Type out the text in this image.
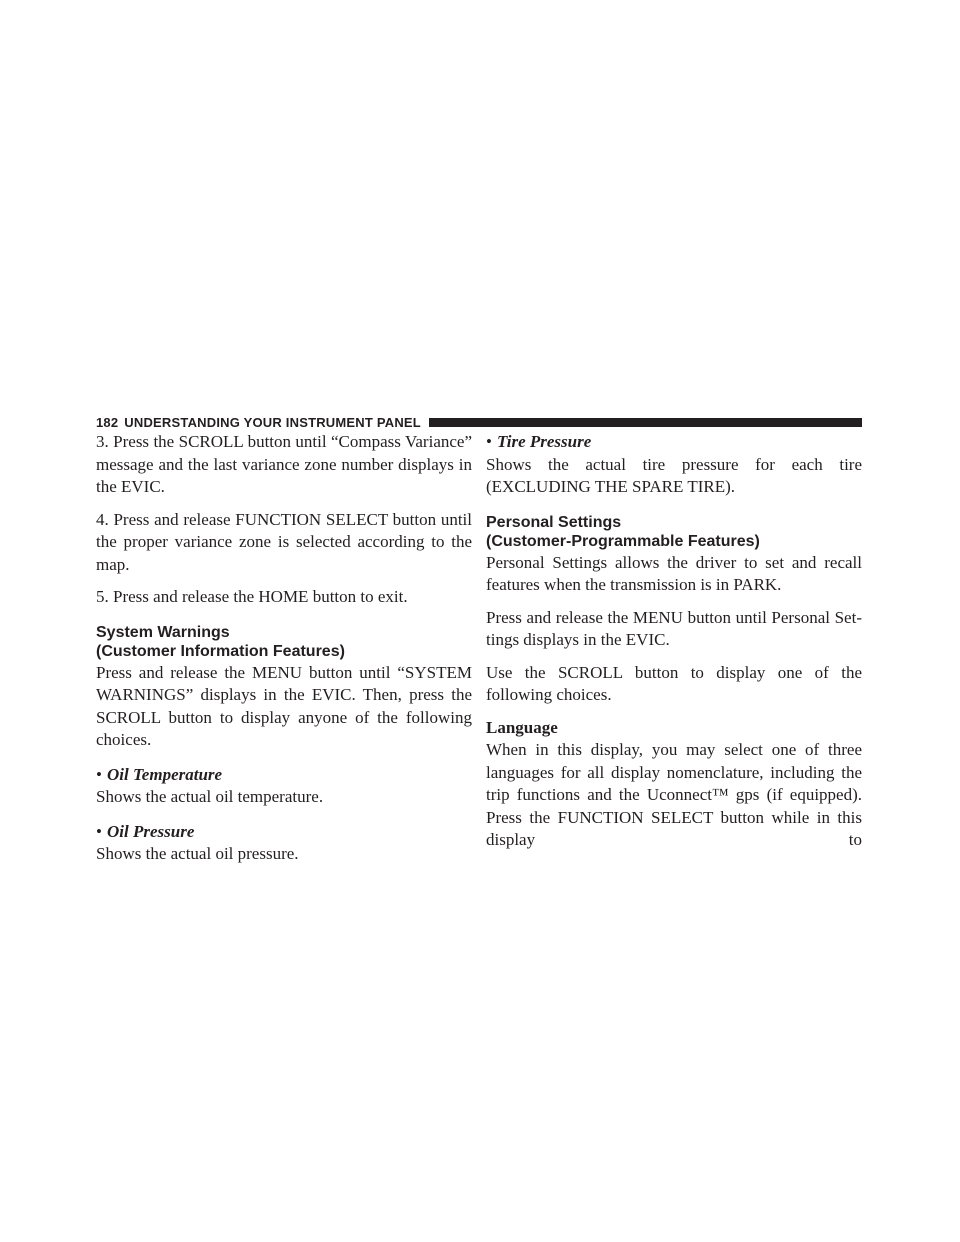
182 UNDERSTANDING YOUR INSTRUMENT PANEL

3. Press the SCROLL button until “Compass Variance” message and the last variance zone number displays in the EVIC.

4. Press and release FUNCTION SELECT button until the proper variance zone is selected according to the map.

5. Press and release the HOME button to exit.

System Warnings
(Customer Information Features)

Press and release the MENU button until “SYSTEM WARNINGS” displays in the EVIC. Then, press the SCROLL button to display anyone of the following choices.

• Oil Temperature

Shows the actual oil temperature.

• Oil Pressure

Shows the actual oil pressure.

• Tire Pressure

Shows the actual tire pressure for each tire (EXCLUDING THE SPARE TIRE).

Personal Settings
(Customer-Programmable Features)

Personal Settings allows the driver to set and recall features when the transmission is in PARK.

Press and release the MENU button until Personal Set-tings displays in the EVIC.

Use the SCROLL button to display one of the following choices.

Language

When in this display, you may select one of three languages for all display nomenclature, including the trip functions and the Uconnect™ gps (if equipped). Press the FUNCTION SELECT button while in this display to
